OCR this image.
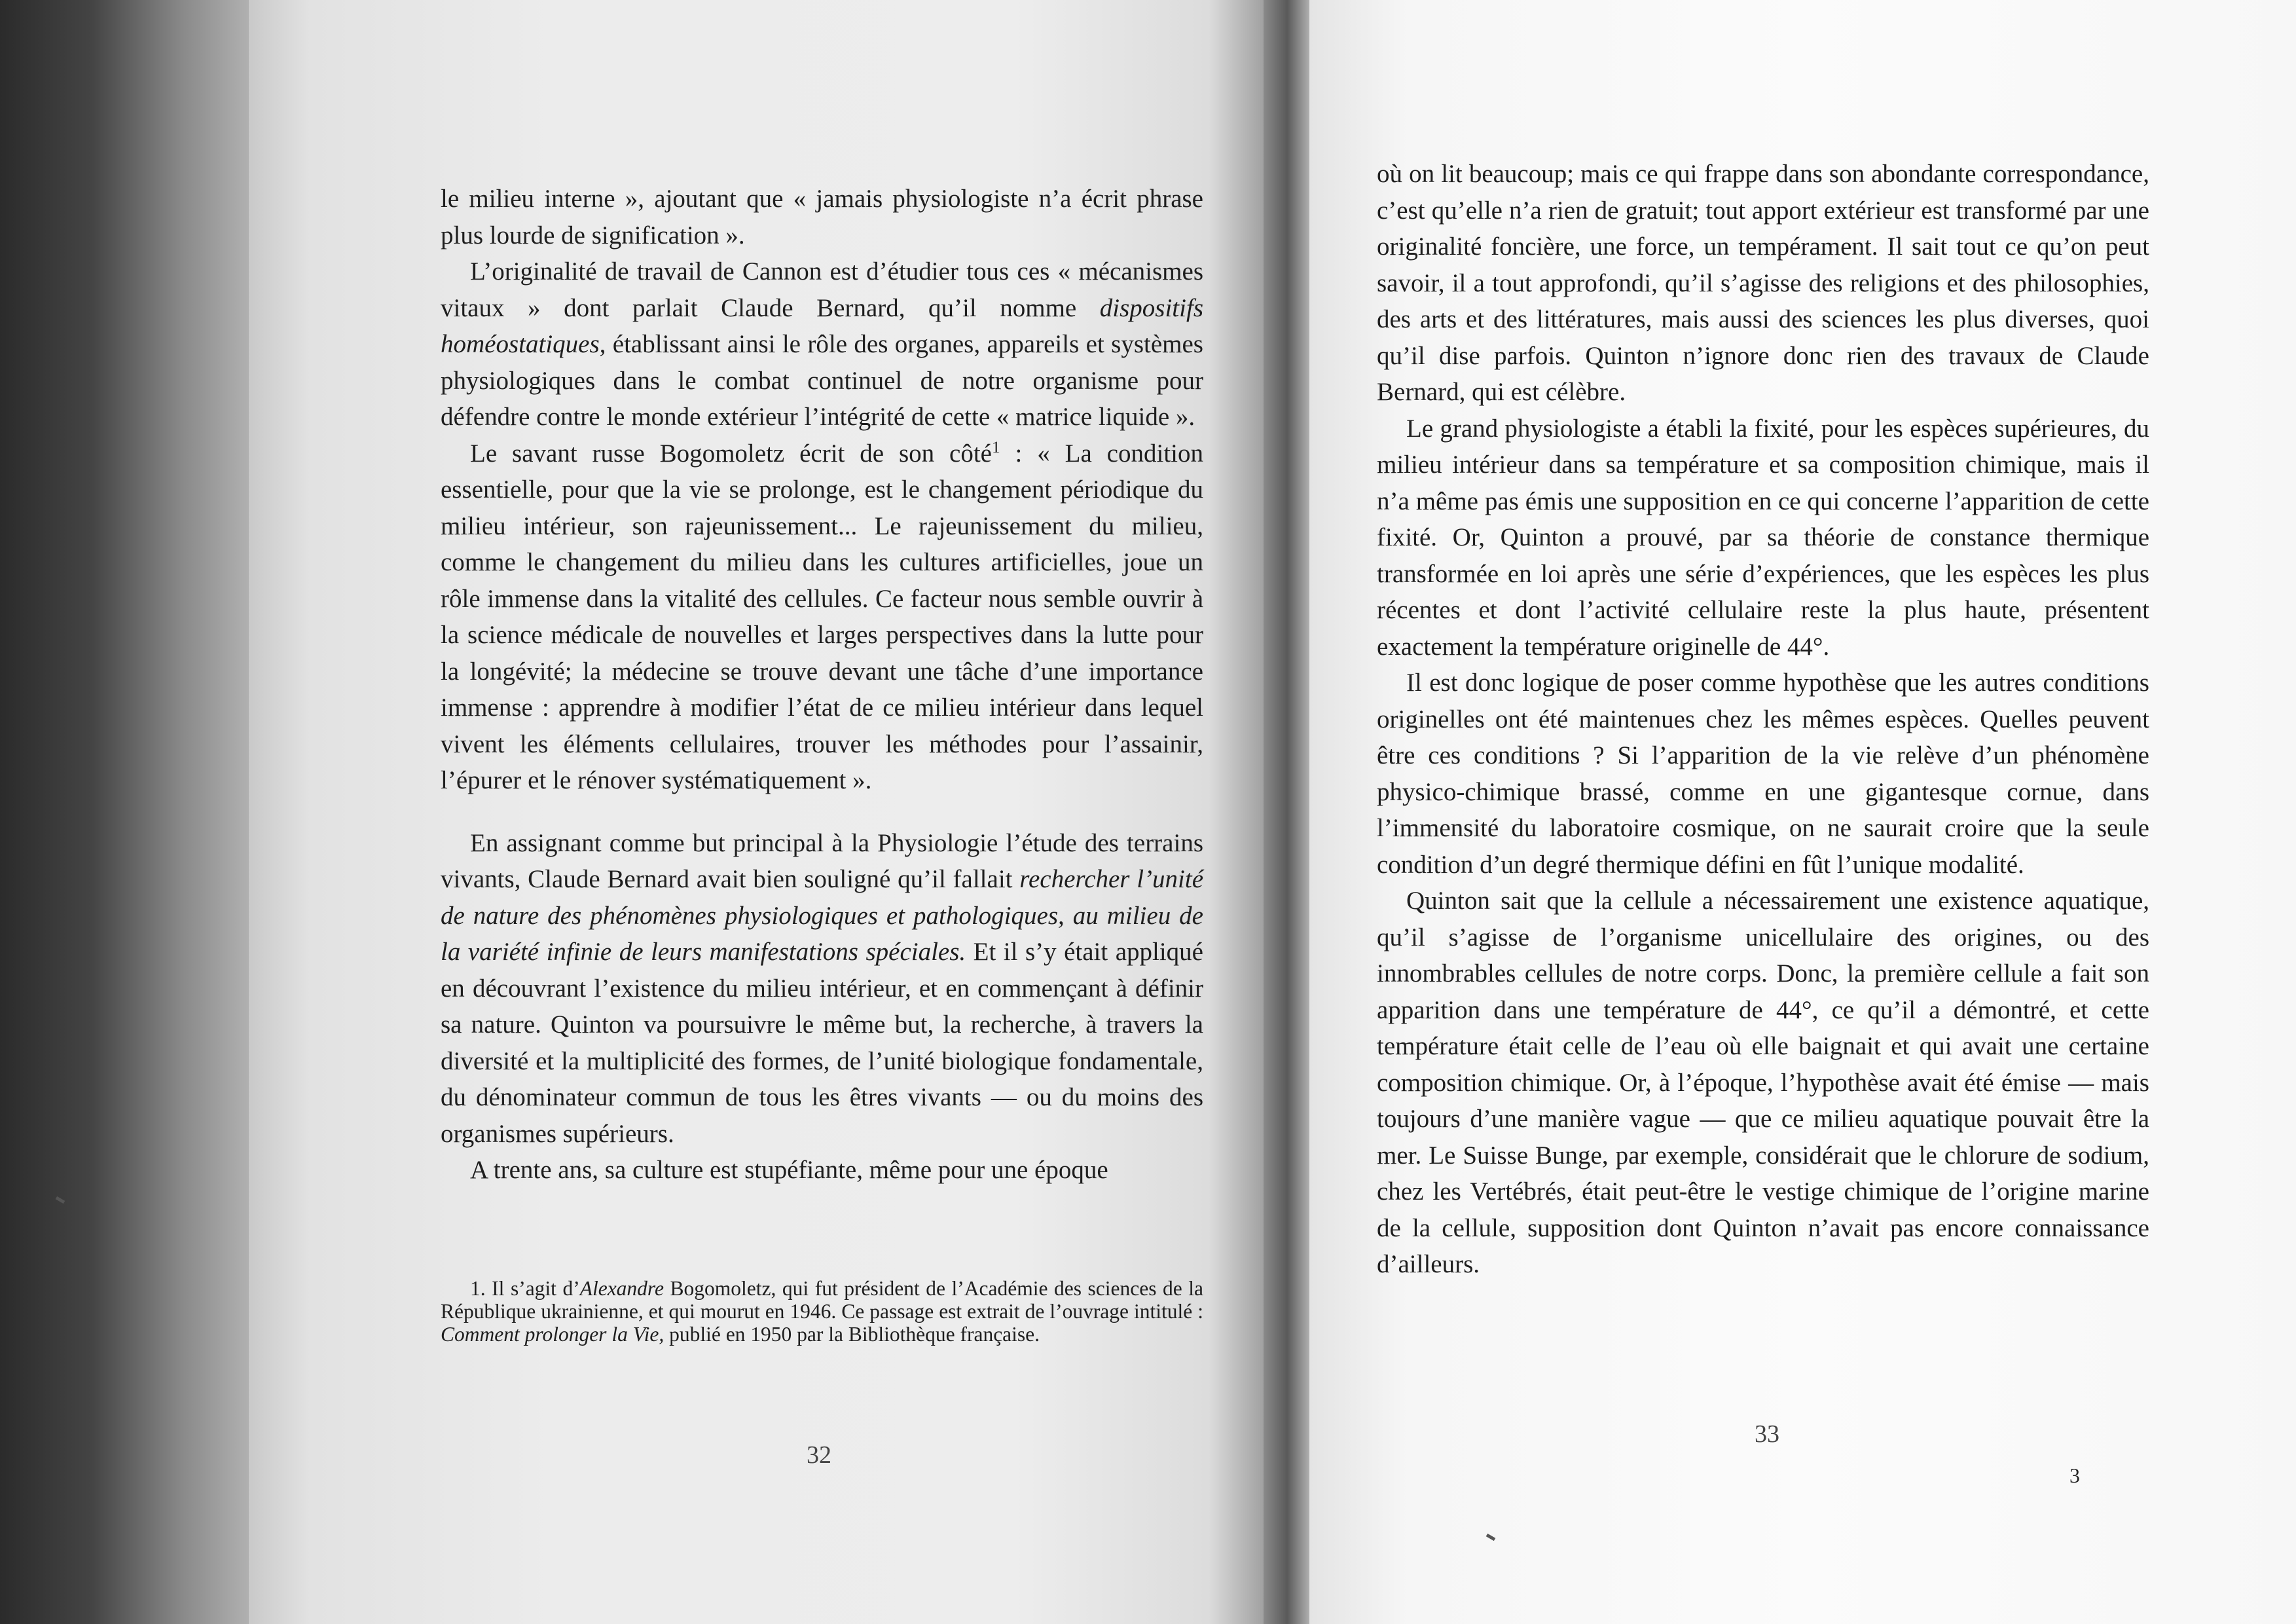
le milieu interne », ajoutant que « jamais physiologiste n’a écrit phrase plus lourde de signification ».

L’originalité de travail de Cannon est d’étudier tous ces « mécanismes vitaux » dont parlait Claude Bernard, qu’il nomme dispositifs homéostatiques, établissant ainsi le rôle des organes, appareils et systèmes physiologiques dans le combat continuel de notre organisme pour défendre contre le monde extérieur l’intégrité de cette « matrice liquide ».

Le savant russe Bogomoletz écrit de son côté$^1$ : « La condition essentielle, pour que la vie se prolonge, est le changement périodique du milieu intérieur, son rajeunissement... Le rajeunissement du milieu, comme le changement du milieu dans les cultures artificielles, joue un rôle immense dans la vitalité des cellules. Ce facteur nous semble ouvrir à la science médicale de nouvelles et larges perspectives dans la lutte pour la longévité; la médecine se trouve devant une tâche d’une importance immense : apprendre à modifier l’état de ce milieu intérieur dans lequel vivent les éléments cellulaires, trouver les méthodes pour l’assainir, l’épurer et le rénover systématiquement ».

En assignant comme but principal à la Physiologie l’étude des terrains vivants, Claude Bernard avait bien souligné qu’il fallait rechercher l’unité de nature des phénomènes physiologiques et pathologiques, au milieu de la variété infinie de leurs manifestations spéciales. Et il s’y était appliqué en découvrant l’existence du milieu intérieur, et en commençant à définir sa nature. Quinton va poursuivre le même but, la recherche, à travers la diversité et la multiplicité des formes, de l’unité biologique fondamentale, du dénominateur commun de tous les êtres vivants — ou du moins des organismes supérieurs.

A trente ans, sa culture est stupéfiante, même pour une époque

1. Il s’agit d’Alexandre Bogomoletz, qui fut président de l’Académie des sciences de la République ukrainienne, et qui mourut en 1946. Ce passage est extrait de l’ouvrage intitulé : Comment prolonger la Vie, publié en 1950 par la Bibliothèque française.

32

où on lit beaucoup; mais ce qui frappe dans son abondante correspondance, c’est qu’elle n’a rien de gratuit; tout apport extérieur est transformé par une originalité foncière, une force, un tempérament. Il sait tout ce qu’on peut savoir, il a tout approfondi, qu’il s’agisse des religions et des philosophies, des arts et des littératures, mais aussi des sciences les plus diverses, quoi qu’il dise parfois. Quinton n’ignore donc rien des travaux de Claude Bernard, qui est célèbre.

Le grand physiologiste a établi la fixité, pour les espèces supérieures, du milieu intérieur dans sa température et sa composition chimique, mais il n’a même pas émis une supposition en ce qui concerne l’apparition de cette fixité. Or, Quinton a prouvé, par sa théorie de constance thermique transformée en loi après une série d’expériences, que les espèces les plus récentes et dont l’activité cellulaire reste la plus haute, présentent exactement la température originelle de 44°.

Il est donc logique de poser comme hypothèse que les autres conditions originelles ont été maintenues chez les mêmes espèces. Quelles peuvent être ces conditions ? Si l’apparition de la vie relève d’un phénomène physico-chimique brassé, comme en une gigantesque cornue, dans l’immensité du laboratoire cosmique, on ne saurait croire que la seule condition d’un degré thermique défini en fût l’unique modalité.

Quinton sait que la cellule a nécessairement une existence aquatique, qu’il s’agisse de l’organisme unicellulaire des origines, ou des innombrables cellules de notre corps. Donc, la première cellule a fait son apparition dans une température de 44°, ce qu’il a démontré, et cette température était celle de l’eau où elle baignait et qui avait une certaine composition chimique. Or, à l’époque, l’hypothèse avait été émise — mais toujours d’une manière vague — que ce milieu aquatique pouvait être la mer. Le Suisse Bunge, par exemple, considérait que le chlorure de sodium, chez les Vertébrés, était peut-être le vestige chimique de l’origine marine de la cellule, supposition dont Quinton n’avait pas encore connaissance d’ailleurs.

33
3
